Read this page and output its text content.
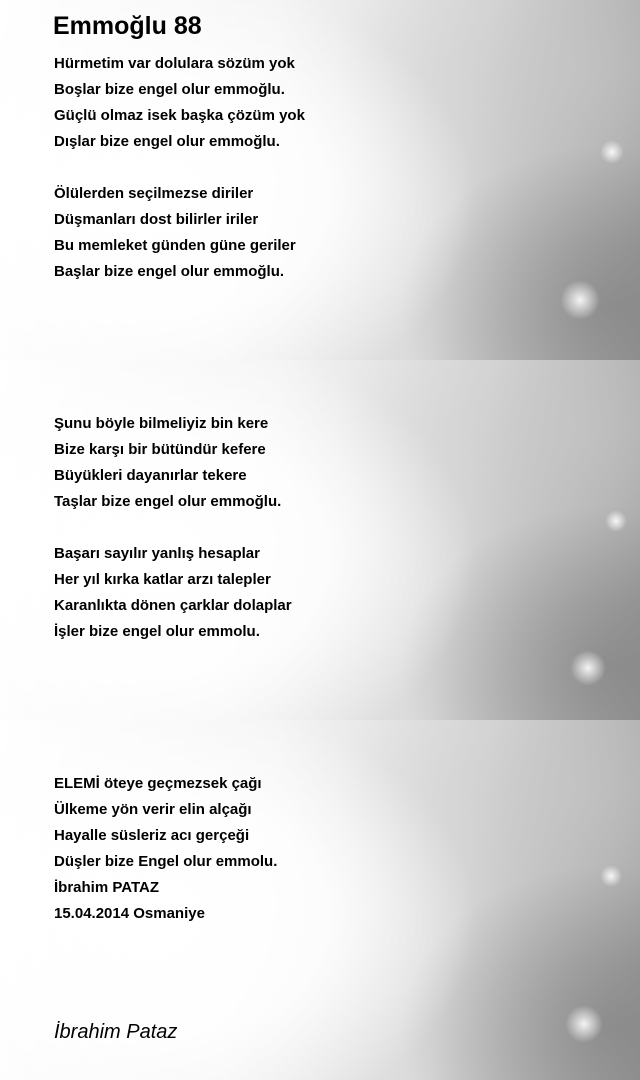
Emmoğlu 88
Hürmetim var dolulara sözüm yok
Boşlar bize engel olur emmoğlu.
Güçlü olmaz isek başka çözüm yok
Dışlar bize engel olur emmoğlu.
Ölülerden seçilmezse diriler
Düşmanları dost bilirler iriler
Bu memleket günden güne geriler
Başlar bize engel olur emmoğlu.
Şunu böyle bilmeliyiz bin kere
Bize karşı bir bütündür kefere
Büyükleri dayanırlar tekere
Taşlar bize engel olur emmoğlu.
Başarı sayılır yanlış hesaplar
Her yıl kırka katlar arzı talepler
Karanlıkta dönen çarklar dolaplar
İşler bize engel olur emmolu.
ELEMİ öteye geçmezsek çağı
Ülkeme yön verir elin alçağı
Hayalle süsleriz acı gerçeği
Düşler bize Engel olur emmolu.
İbrahim PATAZ
15.04.2014 Osmaniye
İbrahim Pataz
